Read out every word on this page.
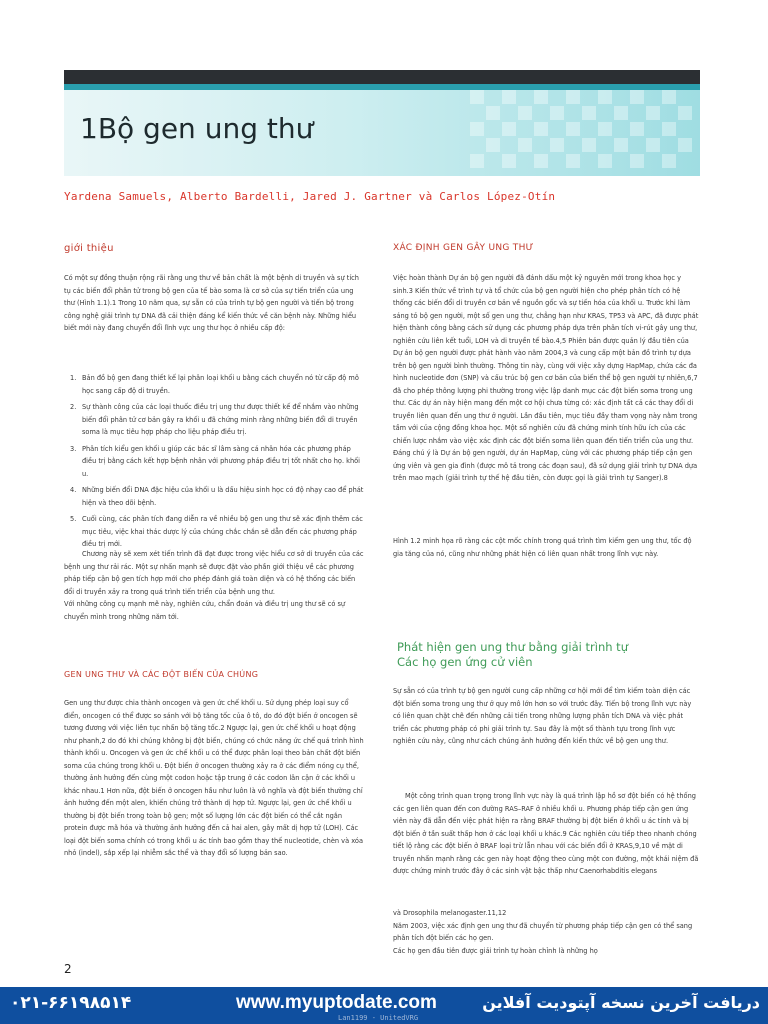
1Bộ gen ung thư
Yardena Samuels, Alberto Bardelli, Jared J. Gartner và Carlos López-Otín
giới thiệu

Có một sự đồng thuận rộng rãi rằng ung thư về bản chất là một bệnh di truyền và sự tích tụ các biến đổi phân tử trong bộ gen của tế bào soma là cơ sở của sự tiến triển của ung thư (Hình 1.1).1 Trong 10 năm qua, sự sẵn có của trình tự bộ gen người và tiến bộ trong công nghệ giải trình tự DNA đã cải thiện đáng kể kiến thức về căn bệnh này. Những hiểu biết mới này đang chuyển đổi lĩnh vực ung thư học ở nhiều cấp độ:

1. Bản đồ bộ gen đang thiết kế lại phân loại khối u bằng cách chuyển nó từ cấp độ mô học sang cấp độ di truyền.
2. Sự thành công của các loại thuốc điều trị ung thư được thiết kế để nhắm vào những biến đổi phân tử cơ bản gây ra khối u đã chứng minh rằng những biến đổi di truyền soma là mục tiêu hợp pháp cho liệu pháp điều trị.
3. Phân tích kiểu gen khối u giúp các bác sĩ lâm sàng cá nhân hóa các phương pháp điều trị bằng cách kết hợp bệnh nhân với phương pháp điều trị tốt nhất cho họ. khối u.
4. Những biến đổi DNA đặc hiệu của khối u là dấu hiệu sinh học có độ nhạy cao để phát hiện và theo dõi bệnh.
5. Cuối cùng, các phân tích đang diễn ra về nhiều bộ gen ung thư sẽ xác định thêm các mục tiêu, việc khai thác dược lý của chúng chắc chắn sẽ dẫn đến các phương pháp điều trị mới.

Chương này sẽ xem xét tiến trình đã đạt được trong việc hiểu cơ sở di truyền của các bệnh ung thư rải rác. Một sự nhấn mạnh sẽ được đặt vào phần giới thiệu về các phương pháp tiếp cận bộ gen tích hợp mới cho phép đánh giá toàn diện và có hệ thống các biến đổi di truyền xảy ra trong quá trình tiến triển của bệnh ung thư.
Với những công cụ mạnh mẽ này, nghiên cứu, chẩn đoán và điều trị ung thư sẽ có sự chuyển mình trong những năm tới.

GEN UNG THƯ VÀ CÁC ĐỘT BIẾN CỦA CHÚNG

Gen ung thư được chia thành oncogen và gen ức chế khối u. Sử dụng phép loại suy cổ điển, oncogen có thể được so sánh với bộ tăng tốc của ô tô, do đó đột biến ở oncogen sẽ tương đương với việc liên tục nhấn bộ tăng tốc.2 Ngược lại, gen ức chế khối u hoạt động như phanh,2 do đó khi chúng không bị đột biến, chúng có chức năng ức chế quá trình hình thành khối u. Oncogen và gen ức chế khối u có thể được phân loại theo bản chất đột biến soma của chúng trong khối u. Đột biến ở oncogen thường xảy ra ở các điểm nóng cụ thể, thường ảnh hưởng đến cùng một codon hoặc tập trung ở các codon lân cận ở các khối u khác nhau.1 Hơn nữa, đột biến ở oncogen hầu như luôn là vô nghĩa và đột biến thường chỉ ảnh hưởng đến một alen, khiến chúng trở thành dị hợp tử. Ngược lại, gen ức chế khối u thường bị đột biến trong toàn bộ gen; một số lượng lớn các đột biến có thể cắt ngắn protein được mã hóa và thường ảnh hưởng đến cả hai alen, gây mất dị hợp tử (LOH). Các loại đột biến soma chính có trong khối u ác tính bao gồm thay thế nucleotide, chèn và xóa nhỏ (indel), sắp xếp lại nhiễm sắc thể và thay đổi số lượng bản sao.

XÁC ĐỊNH GEN GÂY UNG THƯ

Việc hoàn thành Dự án bộ gen người đã đánh dấu một kỷ nguyên mới trong khoa học y sinh.3 Kiến thức về trình tự và tổ chức của bộ gen người hiện cho phép phân tích có hệ thống các biến đổi di truyền cơ bản về nguồn gốc và sự tiến hóa của khối u. Trước khi làm sáng tỏ bộ gen người, một số gen ung thư, chẳng hạn như KRAS, TP53 và APC, đã được phát hiện thành công bằng cách sử dụng các phương pháp dựa trên phân tích vi-rút gây ung thư, nghiên cứu liên kết tuổi, LOH và di truyền tế bào.4,5 Phiên bản được quản lý đầu tiên của Dự án bộ gen người được phát hành vào năm 2004,3 và cung cấp một bản đồ trình tự dựa trên bộ gen người bình thường. Thông tin này, cùng với việc xây dựng HapMap, chứa các đa hình nucleotide đơn (SNP) và cấu trúc bộ gen cơ bản của biến thể bộ gen người tự nhiên,6,7 đã cho phép thông lượng phi thường trong việc lập danh mục các đột biến soma trong ung thư. Các dự án này hiện mang đến một cơ hội chưa từng có: xác định tất cả các thay đổi di truyền liên quan đến ung thư ở người. Lần đầu tiên, mục tiêu đầy tham vọng này nằm trong tầm với của cộng đồng khoa học. Một số nghiên cứu đã chứng minh tính hữu ích của các chiến lược nhắm vào việc xác định các đột biến soma liên quan đến tiến triển của ung thư. Đáng chú ý là Dự án bộ gen người, dự án HapMap, cùng với các phương pháp tiếp cận gen ứng viên và gen gia đình (được mô tả trong các đoạn sau), đã sử dụng giải trình tự DNA dựa trên mao mạch (giải trình tự thế hệ đầu tiên, còn được gọi là giải trình tự Sanger).8

Hình 1.2 minh họa rõ ràng các cột mốc chính trong quá trình tìm kiếm gen ung thư, tốc độ gia tăng của nó, cũng như những phát hiện có liên quan nhất trong lĩnh vực này.

Phát hiện gen ung thư bằng giải trình tự
Các họ gen ứng cử viên

Sự sẵn có của trình tự bộ gen người cung cấp những cơ hội mới để tìm kiếm toàn diện các đột biến soma trong ung thư ở quy mô lớn hơn so với trước đây. Tiến bộ trong lĩnh vực này có liên quan chặt chẽ đến những cải tiến trong những lượng phân tích DNA và việc phát triển các phương pháp có phi giải trình tự. Sau đây là một số thành tựu trong lĩnh vực nghiên cứu này, cũng như cách chúng ảnh hưởng đến kiến thức về bộ gen ung thư.

Một công trình quan trọng trong lĩnh vực này là quá trình lập hồ sơ đột biến có hệ thống các gen liên quan đến con đường RAS–RAF ở nhiều khối u. Phương pháp tiếp cận gen ứng viên này đã dẫn đến việc phát hiện ra rằng BRAF thường bị đột biến ở khối u ác tính và bị đột biến ở tần suất thấp hơn ở các loại khối u khác.9 Các nghiên cứu tiếp theo nhanh chóng tiết lộ rằng các đột biến ở BRAF loại trừ lẫn nhau với các biến đổi ở KRAS,9,10 về mặt di truyền nhấn mạnh rằng các gen này hoạt động theo cùng một con đường, một khái niệm đã được chứng minh trước đây ở các sinh vật bậc thấp như Caenorhabditis elegans

và Drosophila melanogaster.11,12
Năm 2003, việc xác định gen ung thư đã chuyển từ phương pháp tiếp cận gen có thể sang phân tích đột biến các họ gen.
Các họ gen đầu tiên được giải trình tự hoàn chỉnh là những họ

2
۰۲۱-۶۶۱۹۸۵۱۴	www.myuptodate.com	دریافت آخرین نسخه آپتودیت آفلاین
Lan1199 - UnitedVRG
